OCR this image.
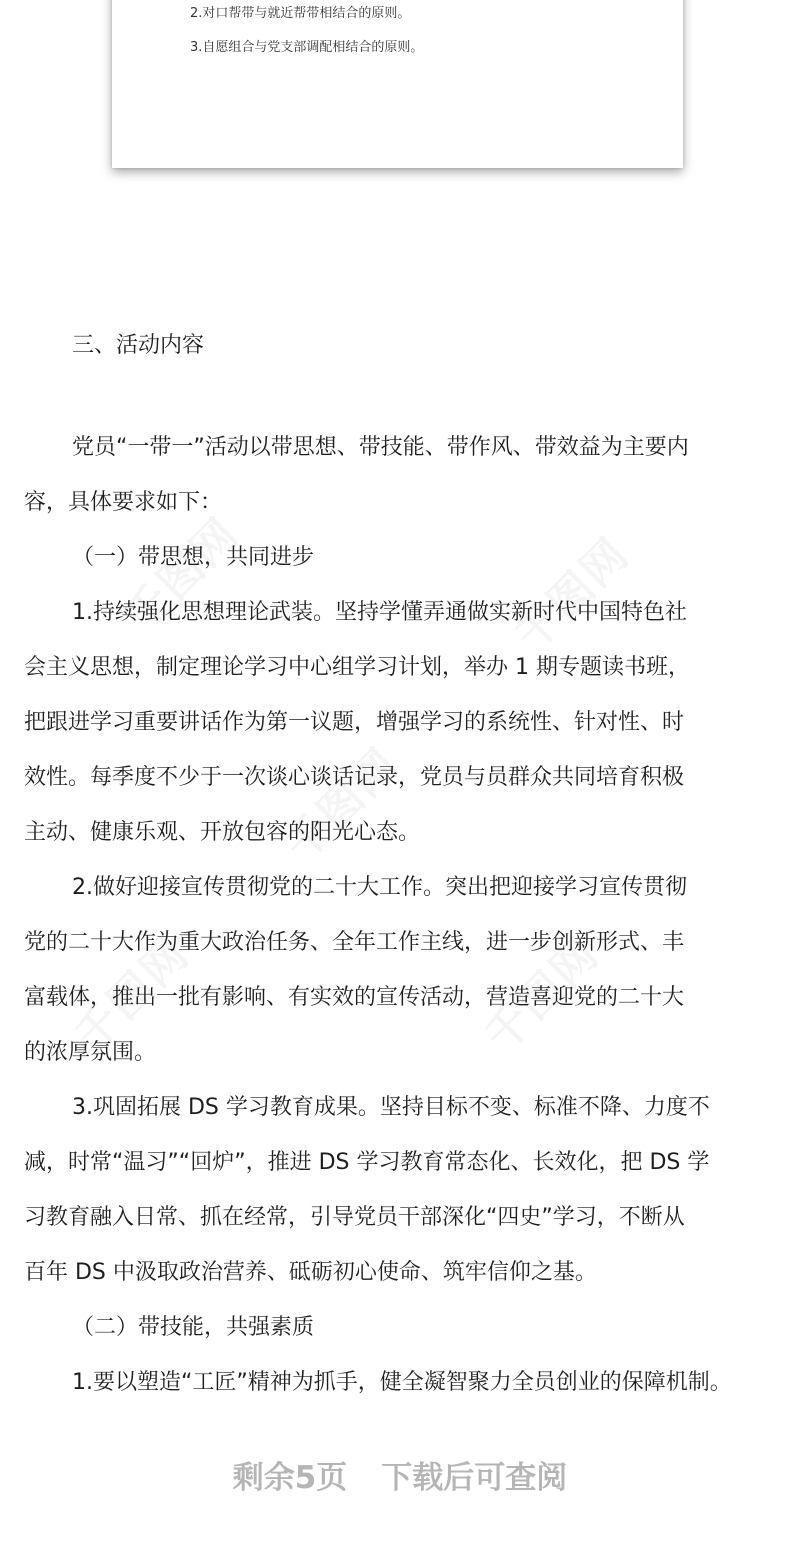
2.对口帮带与就近帮带相结合的原则。
3.自愿组合与党支部调配相结合的原则。
三、活动内容
党员“一带一”活动以带思想、带技能、带作风、带效益为主要内
容，具体要求如下：
（一）带思想，共同进步
1.持续强化思想理论武装。坚持学懂弄通做实新时代中国特色社
会主义思想，制定理论学习中心组学习计划，举办 1 期专题读书班，
把跟进学习重要讲话作为第一议题，增强学习的系统性、针对性、时
效性。每季度不少于一次谈心谈话记录，党员与员群众共同培育积极
主动、健康乐观、开放包容的阳光心态。
2.做好迎接宣传贯彻党的二十大工作。突出把迎接学习宣传贯彻
党的二十大作为重大政治任务、全年工作主线，进一步创新形式、丰
富载体，推出一批有影响、有实效的宣传活动，营造喜迎党的二十大
的浓厚氛围。
3.巩固拓展 DS 学习教育成果。坚持目标不变、标准不降、力度不
减，时常“温习”“回炉”，推进 DS 学习教育常态化、长效化，把 DS 学
习教育融入日常、抓在经常，引导党员干部深化“四史”学习，不断从
百年 DS 中汲取政治营养、砥砺初心使命、筑牢信仰之基。
（二）带技能，共强素质
1.要以塑造“工匠”精神为抓手，健全凝智聚力全员创业的保障机制。
剩余5页 下载后可查阅
